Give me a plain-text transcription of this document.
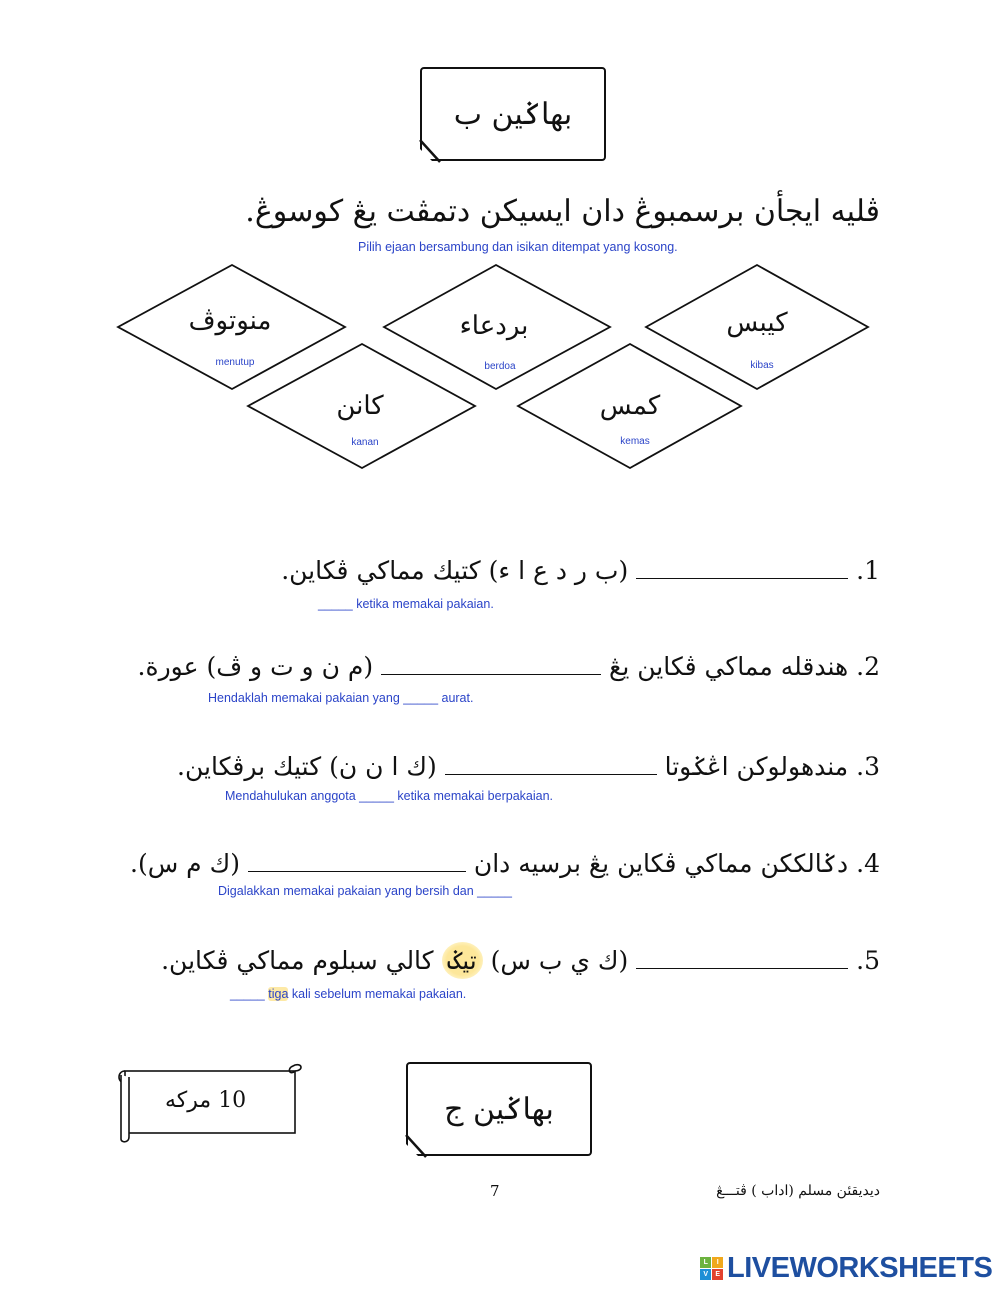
بهاݢين ب
ڤليه ايجأن برسمبوڠ دان ايسيكن دتمڤت يڠ كوسوڠ.
Pilih ejaan bersambung dan isikan ditempat yang kosong.
منوتوڤ
menutup
بردعاء
berdoa
كيبس
kibas
كانن
kanan
كمس
kemas
1.  (ب ر د ع ا ء) كتيك مماكي ڤكاين.
_____ ketika memakai pakaian.
2. هندقله مماكي ڤكاين يڠ  (م ن و ت و ڤ) عورة.
Hendaklah memakai pakaian yang _____ aurat.
3. مندهولوكن اڠݢوتا  (ك ا ن ن) كتيك برڤكاين.
Mendahulukan anggota _____ ketika memakai berpakaian.
4. دݢالككن مماكي ڤكاين يڠ برسيه دان  (ك م س).
Digalakkan memakai pakaian yang bersih dan _____
5.  (ك ي ب س) تيݢ كالي سبلوم مماكي ڤكاين.
_____ tiga kali sebelum memakai pakaian.
10 مركه	بهاݢين ج
7	ديديقئن مسلم (اداب ) ڤتـــڠ
L	I
V	E LIVEWORKSHEETS
